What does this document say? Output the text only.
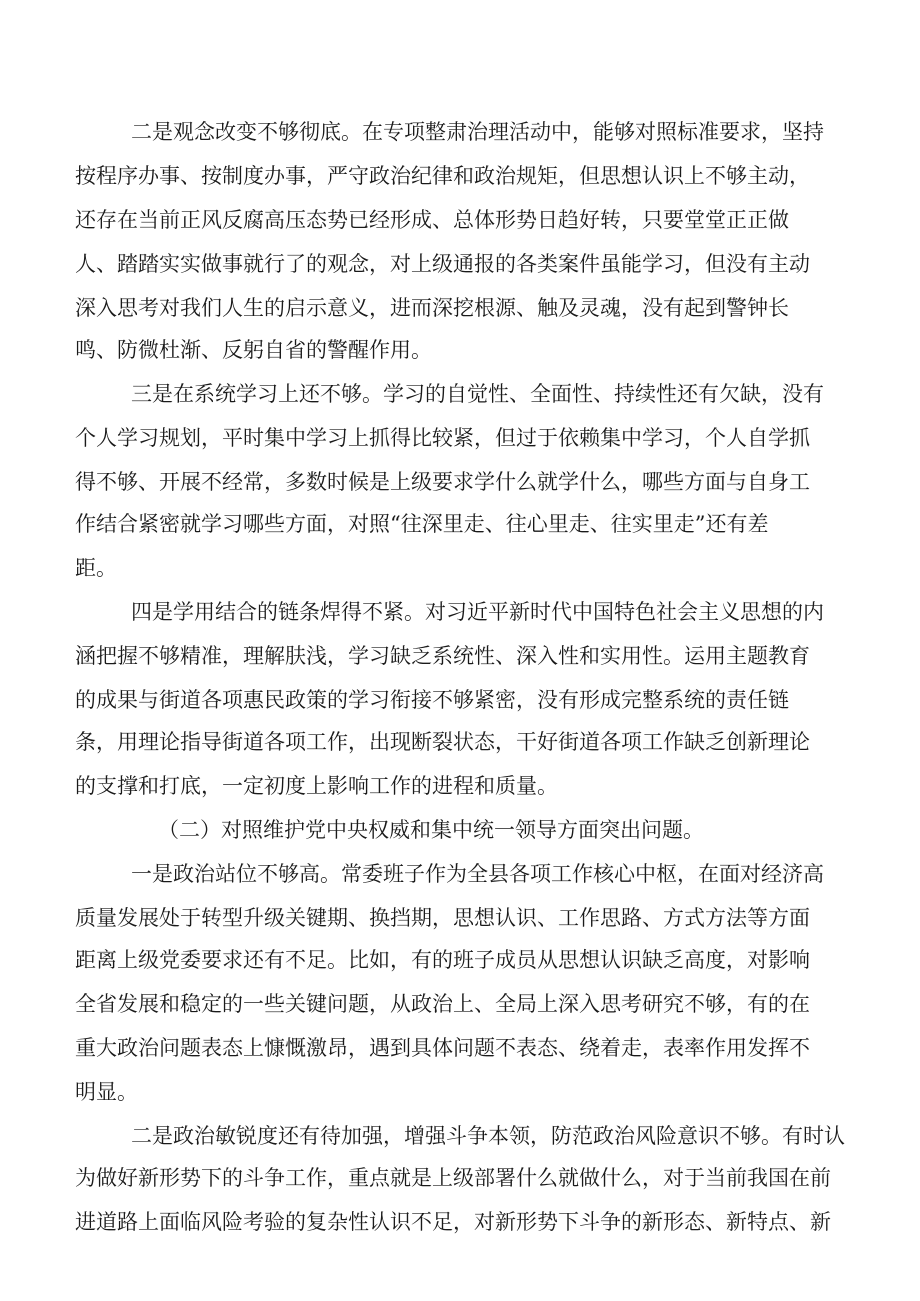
二是观念改变不够彻底。在专项整肃治理活动中，能够对照标准要求，坚持

按程序办事、按制度办事，严守政治纪律和政治规矩，但思想认识上不够主动，

还存在当前正风反腐高压态势已经形成、总体形势日趋好转，只要堂堂正正做

人、踏踏实实做事就行了的观念，对上级通报的各类案件虽能学习，但没有主动

深入思考对我们人生的启示意义，进而深挖根源、触及灵魂，没有起到警钟长

鸣、防微杜渐、反躬自省的警醒作用。

三是在系统学习上还不够。学习的自觉性、全面性、持续性还有欠缺，没有

个人学习规划，平时集中学习上抓得比较紧，但过于依赖集中学习，个人自学抓

得不够、开展不经常，多数时候是上级要求学什么就学什么，哪些方面与自身工

作结合紧密就学习哪些方面，对照“往深里走、往心里走、往实里走”还有差

距。

四是学用结合的链条焊得不紧。对习近平新时代中国特色社会主义思想的内

涵把握不够精准，理解肤浅，学习缺乏系统性、深入性和实用性。运用主题教育

的成果与街道各项惠民政策的学习衔接不够紧密，没有形成完整系统的责任链

条，用理论指导街道各项工作，出现断裂状态，干好街道各项工作缺乏创新理论

的支撑和打底，一定初度上影响工作的进程和质量。

（二）对照维护党中央权威和集中统一领导方面突出问题。

一是政治站位不够高。常委班子作为全县各项工作核心中枢，在面对经济高

质量发展处于转型升级关键期、换挡期，思想认识、工作思路、方式方法等方面

距离上级党委要求还有不足。比如，有的班子成员从思想认识缺乏高度，对影响

全省发展和稳定的一些关键问题，从政治上、全局上深入思考研究不够，有的在

重大政治问题表态上慷慨激昂，遇到具体问题不表态、绕着走，表率作用发挥不

明显。

二是政治敏锐度还有待加强，增强斗争本领，防范政治风险意识不够。有时认

为做好新形势下的斗争工作，重点就是上级部署什么就做什么，对于当前我国在前

进道路上面临风险考验的复杂性认识不足，对新形势下斗争的新形态、新特点、新
